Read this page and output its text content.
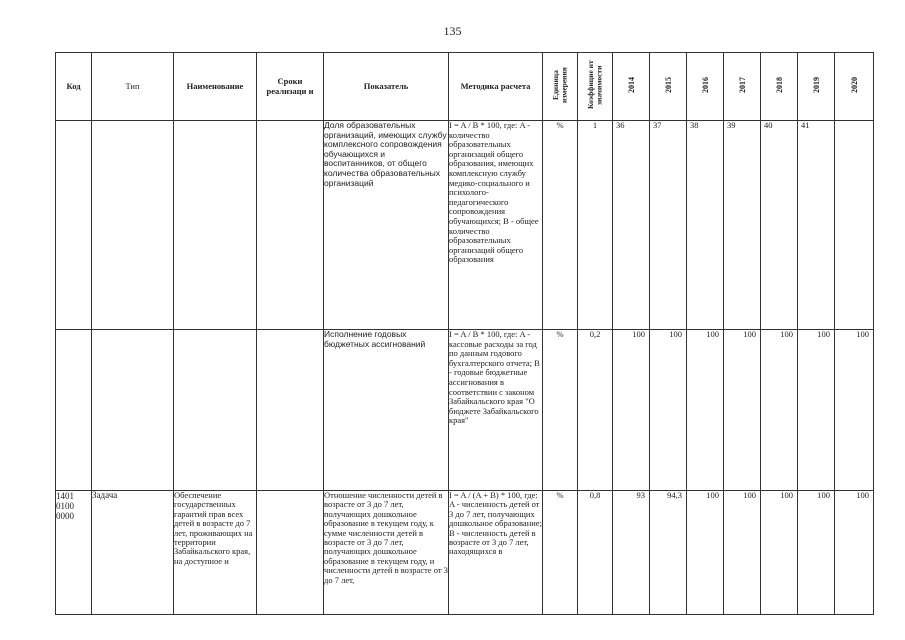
135
Код	Тип	Наименование	Сроки реализаци и	Показатель	Методика расчета	Единица измерения	Коэффицие нт значимости	2014	2015	2016	2017	2018	2019	2020
				Доля образовательных организаций, имеющих службу комплексного сопровождения обучающихся и воспитанников, от общего количества образовательных организаций	I = A / B * 100, где: A - количество образовательных организаций общего образования, имеющих комплексную службу медико-социального и психолого-педагогического сопровождения обучающихся; B - общее количество образовательных организаций общего образования	%	1	36	37	38	39	40	41	
				Исполнение годовых бюджетных ассигнований	I = A / B * 100, где: A - кассовые расходы за год по данным годового бухгалтерского отчета; B - годовые бюджетные ассигнования в соответствии с законом Забайкальского края "О бюджете Забайкальского края"	%	0,2	100	100	100	100	100	100	100
1401 0100 0000	Задача	Обеспечение государственных гарантий прав всех детей в возрасте до 7 лет, проживающих на территории Забайкальского края, на доступное и		Отношение численности детей в возрасте от 3 до 7 лет, получающих дошкольное образование в текущем году, к сумме численности детей в возрасте от 3 до 7 лет, получающих дошкольное образование в текущем году, и численности детей в возрасте от 3 до 7 лет,	I = A / (A + B) * 100, где: A - численность детей от 3 до 7 лет, получающих дошкольное образование; B - численность детей в возрасте от 3 до 7 лет, находящихся в	%	0,8	93	94,3	100	100	100	100	100
